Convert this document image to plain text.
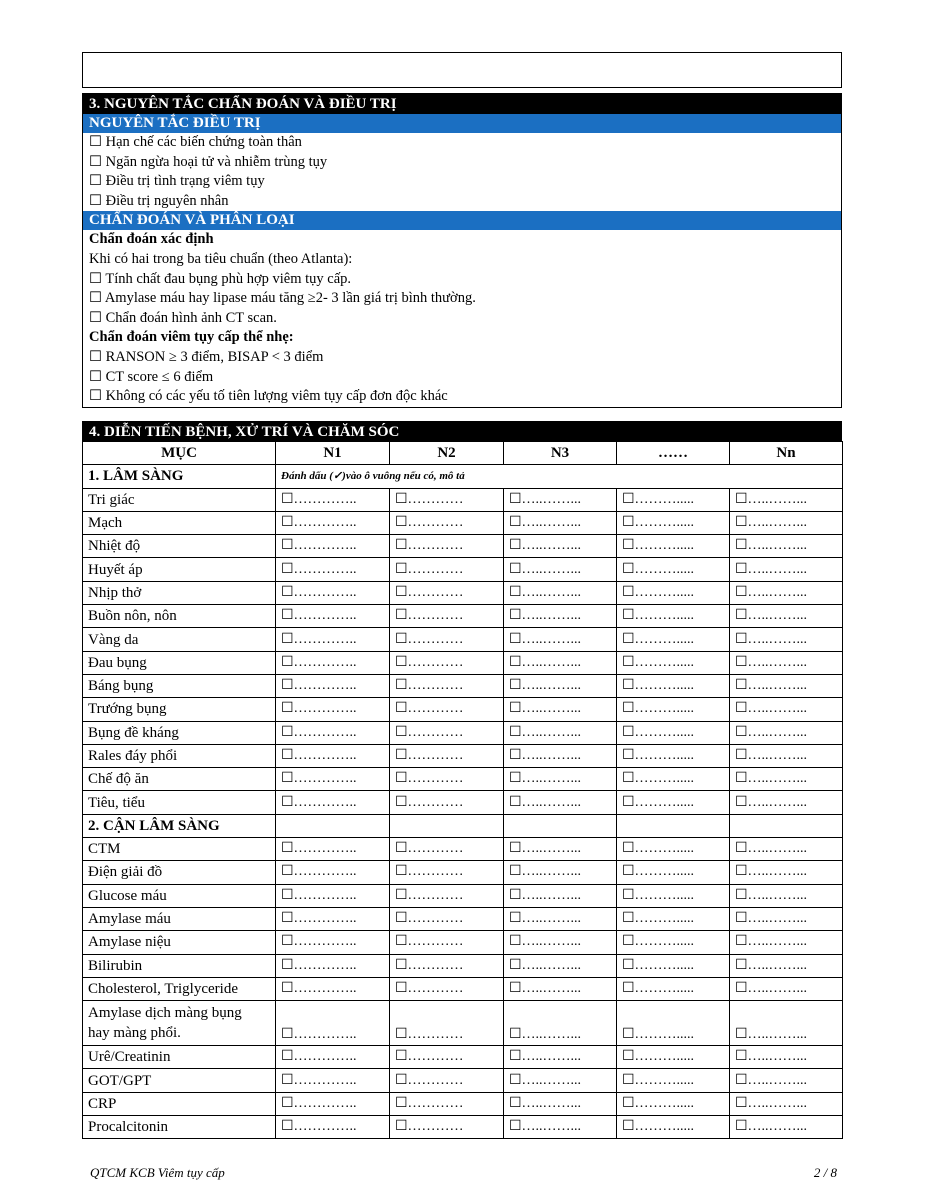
3. NGUYÊN TẮC CHẨN ĐOÁN VÀ ĐIỀU TRỊ
NGUYÊN TẮC ĐIỀU TRỊ
☐ Hạn chế các biến chứng toàn thân
☐ Ngăn ngừa hoại tử và nhiễm trùng tụy
☐ Điều trị tình trạng viêm tụy
☐ Điều trị nguyên nhân
CHẨN ĐOÁN VÀ PHÂN LOẠI
Chẩn đoán xác định
Khi có hai trong ba tiêu chuẩn (theo Atlanta):
☐ Tính chất đau bụng phù hợp viêm tụy cấp.
☐ Amylase máu hay lipase máu tăng ≥2- 3 lần giá trị bình thường.
☐ Chẩn đoán hình ảnh CT scan.
Chẩn đoán viêm tụy cấp thể nhẹ:
☐ RANSON ≥ 3 điểm, BISAP < 3 điểm
☐ CT score ≤ 6 điểm
☐ Không có các yếu tố tiên lượng viêm tụy cấp đơn độc khác
4. DIỄN TIẾN BỆNH, XỬ TRÍ VÀ CHĂM SÓC
MỤC	N1	N2	N3	……	Nn
1. LÂM SÀNG	Đánh dấu (✓)vào ô vuông nếu có, mô tả				
Tri giác	☐…………..	☐…………	☐…..……...	☐……….....	☐…..……...
Mạch	☐…………..	☐…………	☐…..……...	☐……….....	☐…..……...
Nhiệt độ	☐…………..	☐…………	☐…..……...	☐……….....	☐…..……...
Huyết áp	☐…………..	☐…………	☐…..……...	☐……….....	☐…..……...
Nhịp thở	☐…………..	☐…………	☐…..……...	☐……….....	☐…..……...
Buồn nôn, nôn	☐…………..	☐…………	☐…..……...	☐……….....	☐…..……...
Vàng da	☐…………..	☐…………	☐…..……...	☐……….....	☐…..……...
Đau bụng	☐…………..	☐…………	☐…..……...	☐……….....	☐…..……...
Báng bụng	☐…………..	☐…………	☐…..……...	☐……….....	☐…..……...
Trướng bụng	☐…………..	☐…………	☐…..……...	☐……….....	☐…..……...
Bụng đề kháng	☐…………..	☐…………	☐…..……...	☐……….....	☐…..……...
Rales đáy phổi	☐…………..	☐…………	☐…..……...	☐……….....	☐…..……...
Chế độ ăn	☐…………..	☐…………	☐…..……...	☐……….....	☐…..……...
Tiêu, tiểu	☐…………..	☐…………	☐…..……...	☐……….....	☐…..……...
2. CẬN LÂM SÀNG					
CTM	☐…………..	☐…………	☐…..……...	☐……….....	☐…..……...
Điện giải đồ	☐…………..	☐…………	☐…..……...	☐……….....	☐…..……...
Glucose máu	☐…………..	☐…………	☐…..……...	☐……….....	☐…..……...
Amylase máu	☐…………..	☐…………	☐…..……...	☐……….....	☐…..……...
Amylase niệu	☐…………..	☐…………	☐…..……...	☐……….....	☐…..……...
Bilirubin	☐…………..	☐…………	☐…..……...	☐……….....	☐…..……...
Cholesterol, Triglyceride	☐…………..	☐…………	☐…..……...	☐……….....	☐…..……...

Amylase dịch màng bụng
hay màng phổi.	☐…………..	☐…………	☐…..……...	☐……….....	☐…..……...
Urê/Creatinin	☐…………..	☐…………	☐…..……...	☐……….....	☐…..……...
GOT/GPT	☐…………..	☐…………	☐…..……...	☐……….....	☐…..……...
CRP	☐…………..	☐…………	☐…..……...	☐……….....	☐…..……...
Procalcitonin	☐…………..	☐…………	☐…..……...	☐……….....	☐…..……...
QTCM KCB Viêm tụy cấp	2 / 8
